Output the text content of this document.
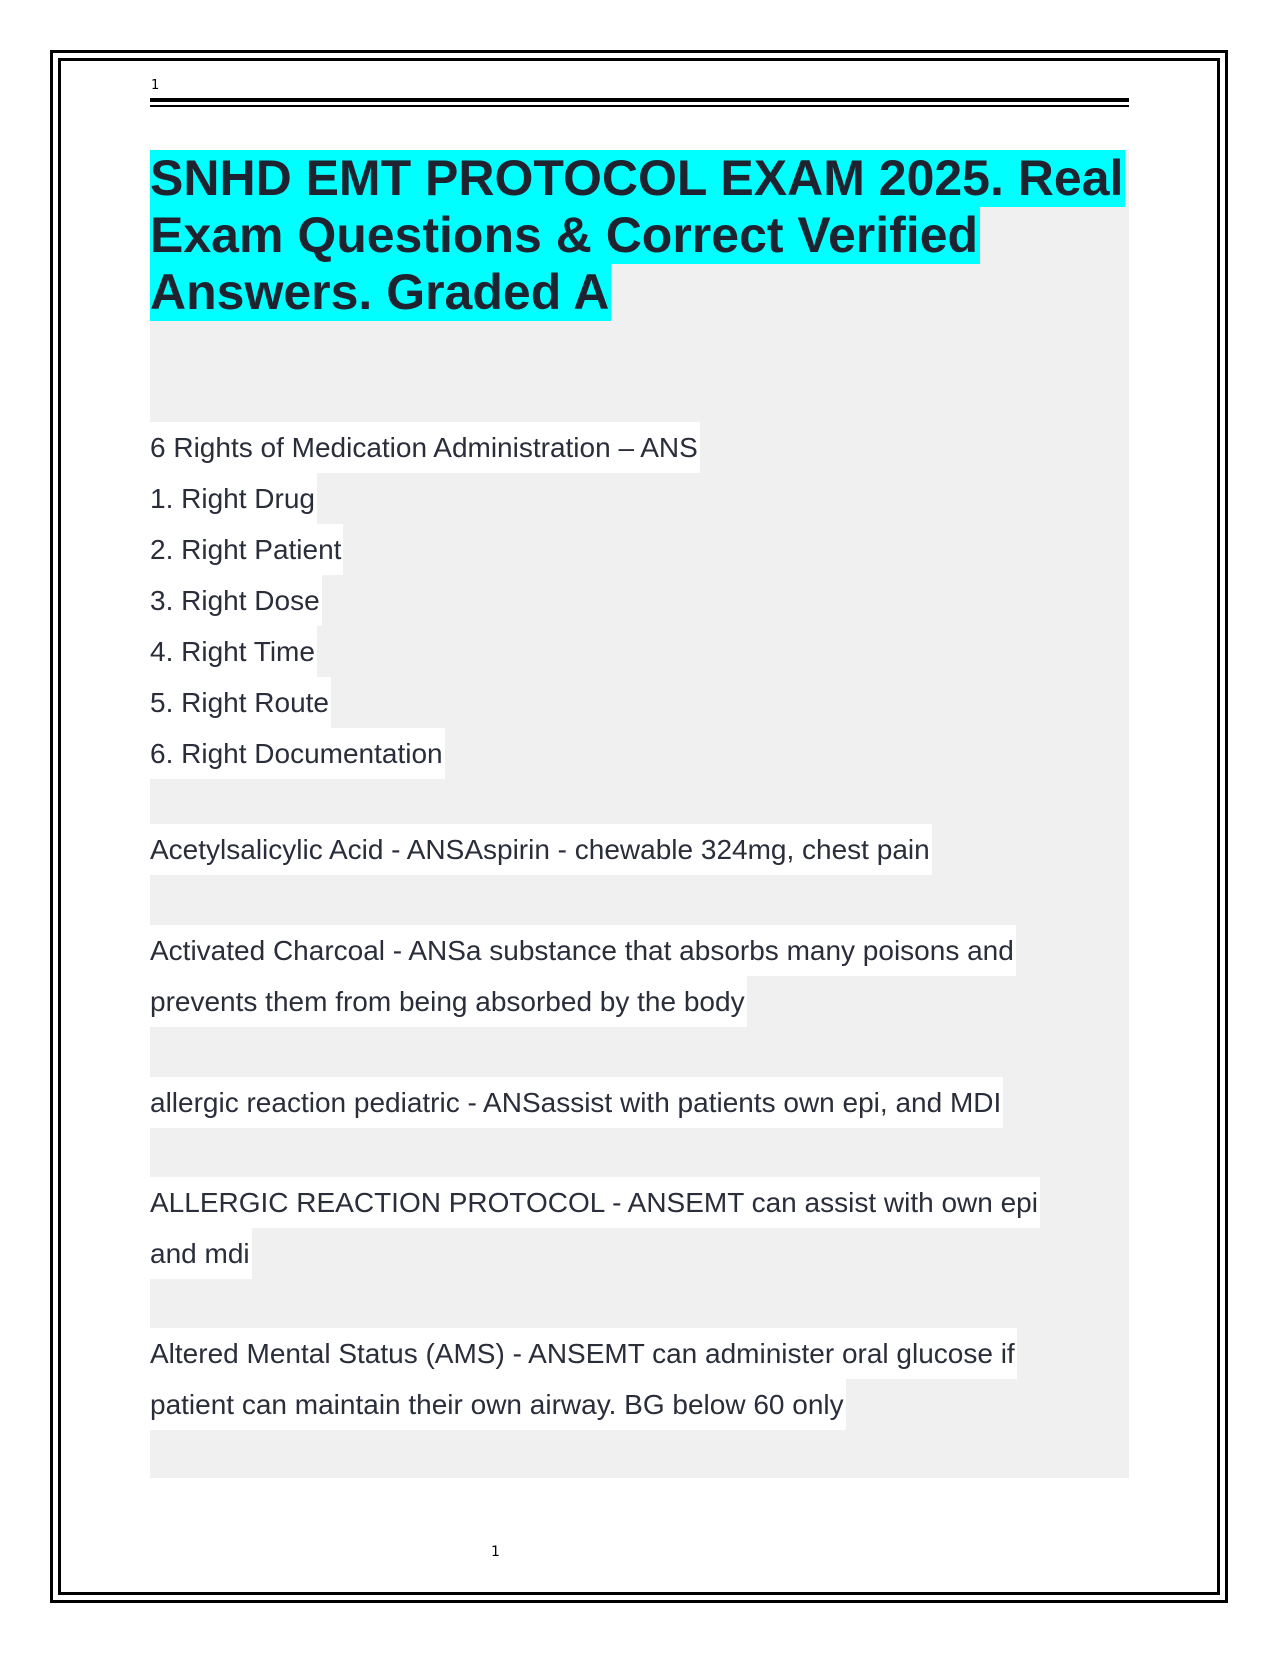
1
SNHD EMT PROTOCOL EXAM 2025. Real
Exam Questions & Correct Verified
Answers. Graded A
6 Rights of Medication Administration – ANS
1. Right Drug
2. Right Patient
3. Right Dose
4. Right Time
5. Right Route
6. Right Documentation
Acetylsalicylic Acid - ANSAspirin - chewable 324mg, chest pain
Activated Charcoal - ANSa substance that absorbs many poisons and
prevents them from being absorbed by the body
allergic reaction pediatric - ANSassist with patients own epi, and MDI
ALLERGIC REACTION PROTOCOL - ANSEMT can assist with own epi
and mdi
Altered Mental Status (AMS) - ANSEMT can administer oral glucose if
patient can maintain their own airway. BG below 60 only
1
